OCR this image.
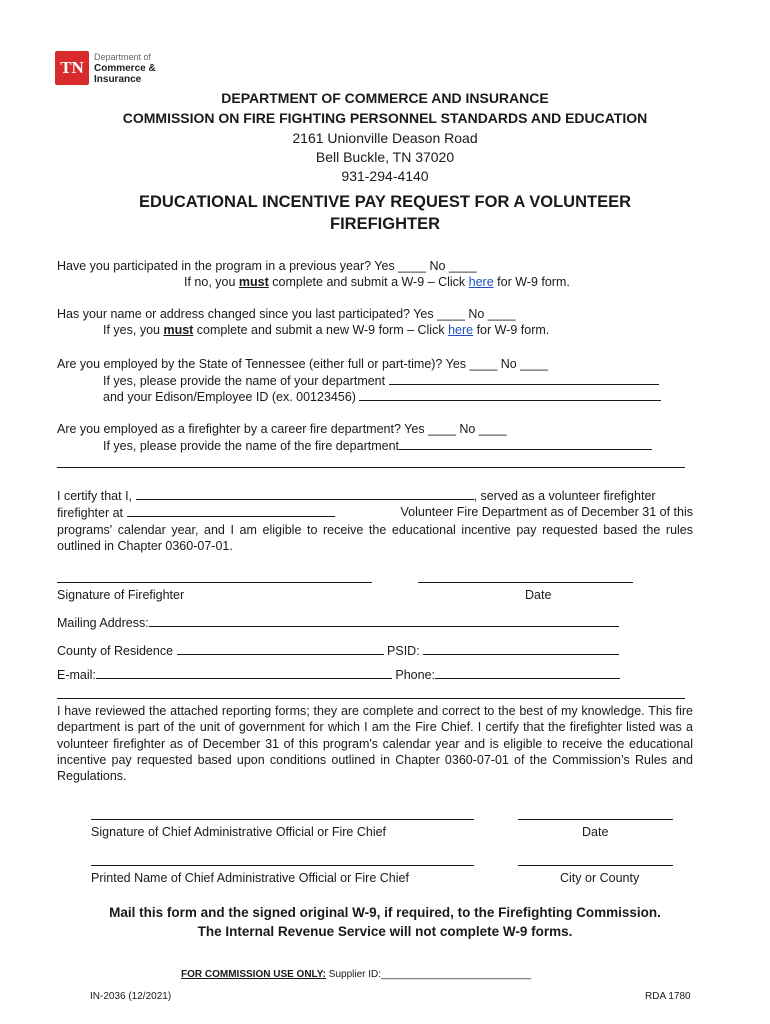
TN
Department of
Commerce &
Insurance
DEPARTMENT OF COMMERCE AND INSURANCE
COMMISSION ON FIRE FIGHTING PERSONNEL STANDARDS AND EDUCATION
2161 Unionville Deason Road
Bell Buckle, TN 37020
931-294-4140
EDUCATIONAL INCENTIVE PAY REQUEST FOR A VOLUNTEER
FIREFIGHTER
Have you participated in the program in a previous year? Yes ____ No ____
If no, you must complete and submit a W-9 – Click here for W-9 form.
Has your name or address changed since you last participated? Yes ____ No ____
If yes, you must complete and submit a new W-9 form – Click here for W-9 form.
Are you employed by the State of Tennessee (either full or part-time)? Yes ____ No ____
If yes, please provide the name of your department
and your Edison/Employee ID (ex. 00123456)
Are you employed as a firefighter by a career fire department? Yes ____ No ____
If yes, please provide the name of the fire department
I certify that I,	, served as a volunteer firefighter
firefighter at	Volunteer Fire Department as of December 31 of this
programs' calendar year, and I am eligible to receive the educational incentive pay requested based the rules outlined in Chapter 0360-07-01.
Signature of Firefighter	Date
Mailing Address:
County of Residence	PSID:
E-mail:	Phone:
I have reviewed the attached reporting forms; they are complete and correct to the best of my knowledge. This fire department is part of the unit of government for which I am the Fire Chief. I certify that the firefighter listed was a volunteer firefighter as of December 31 of this program's calendar year and is eligible to receive the educational incentive pay requested based upon conditions outlined in Chapter 0360-07-01 of the Commission’s Rules and Regulations.
Signature of Chief Administrative Official or Fire Chief	Date
Printed Name of Chief Administrative Official or Fire Chief	City or County
Mail this form and the signed original W-9, if required, to the Firefighting Commission.
The Internal Revenue Service will not complete W-9 forms.
FOR COMMISSION USE ONLY: Supplier ID:___________________________
IN-2036 (12/2021)	RDA 1780
